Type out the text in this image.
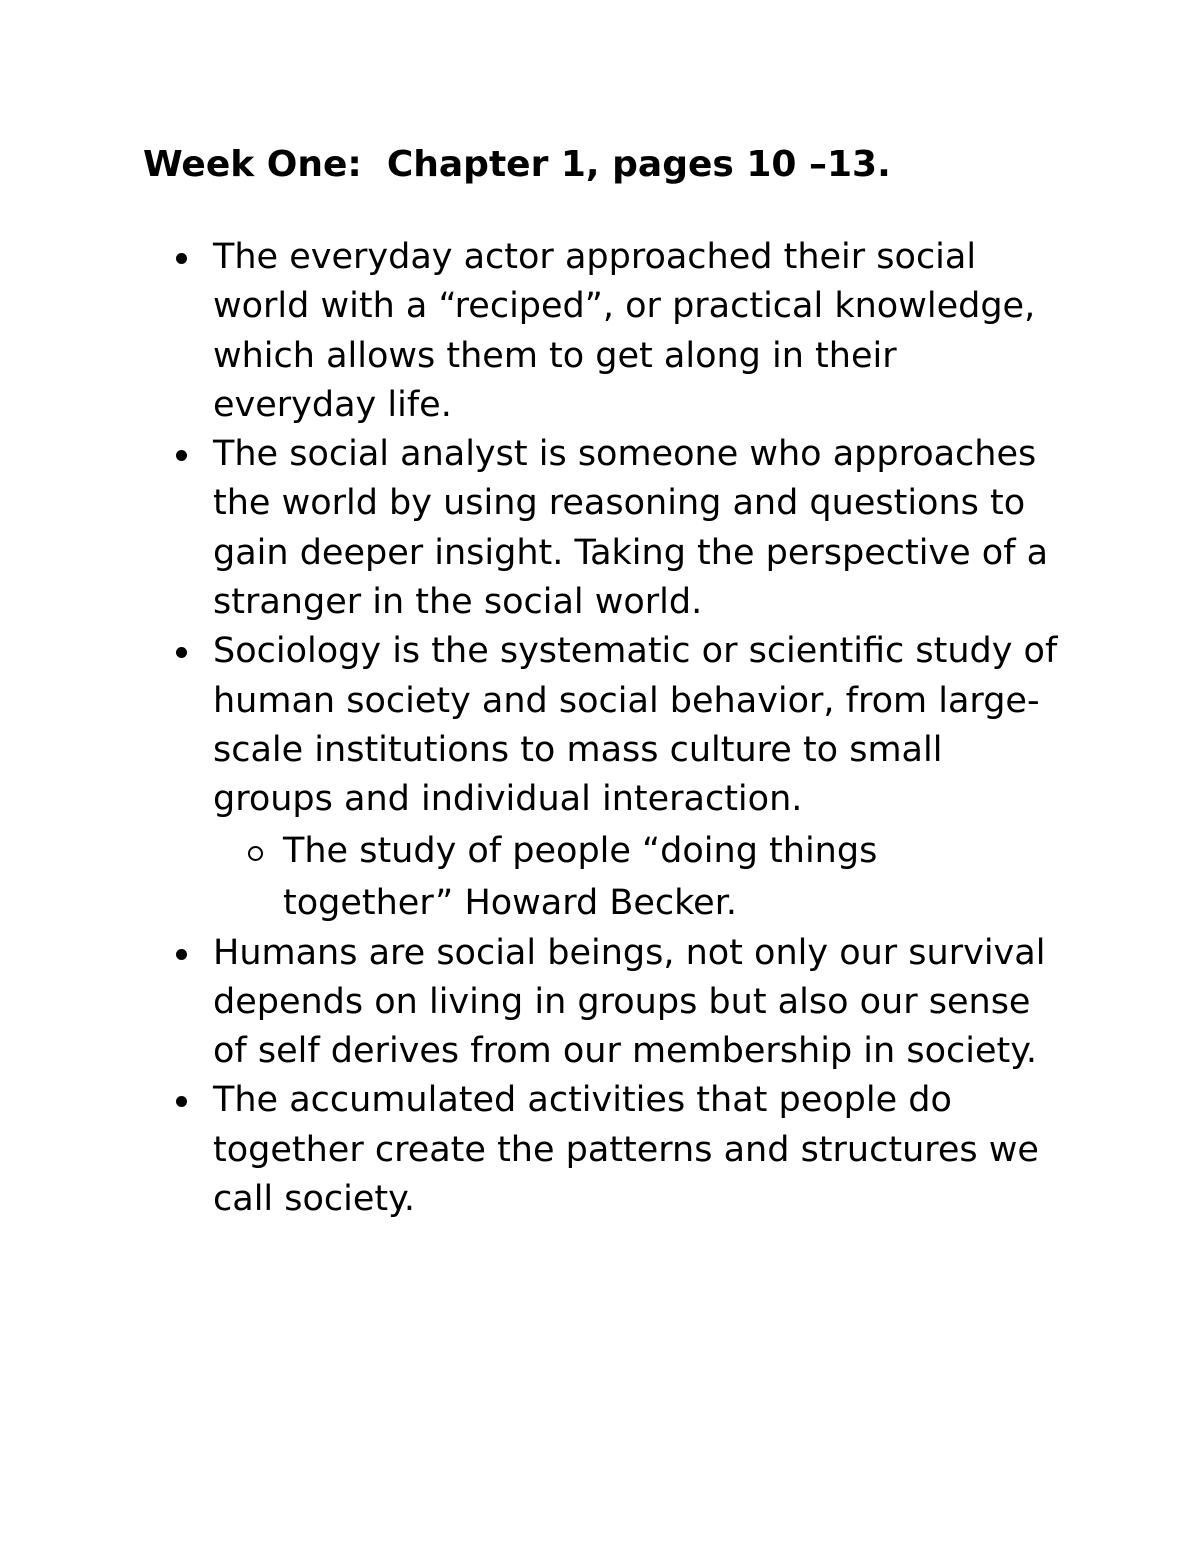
Week One:  Chapter 1, pages 10 –13.
The everyday actor approached their social world with a “reciped”, or practical knowledge, which allows them to get along in their everyday life.
The social analyst is someone who approaches the world by using reasoning and questions to gain deeper insight. Taking the perspective of a stranger in the social world.
Sociology is the systematic or scientific study of human society and social behavior, from large-scale institutions to mass culture to small groups and individual interaction.
The study of people “doing things together” Howard Becker.
Humans are social beings, not only our survival depends on living in groups but also our sense of self derives from our membership in society.
The accumulated activities that people do together create the patterns and structures we call society.
